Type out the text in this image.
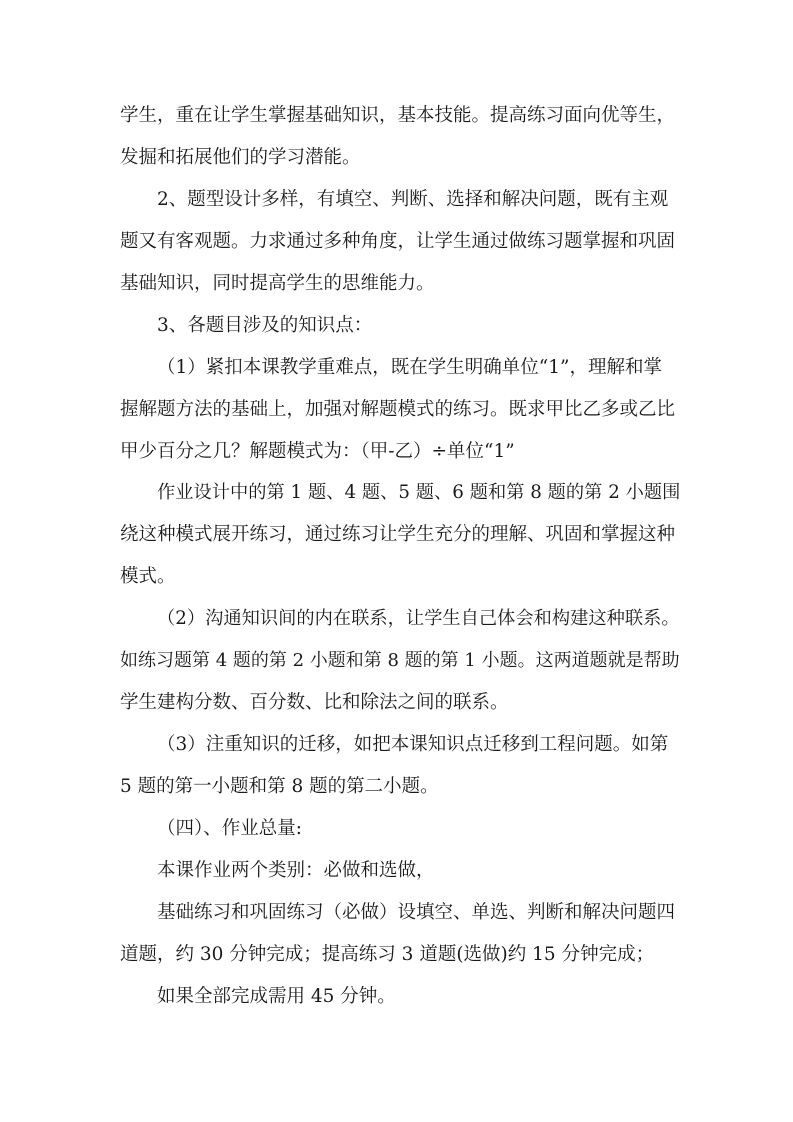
学生，重在让学生掌握基础知识，基本技能。提高练习面向优等生，
发掘和拓展他们的学习潜能。
2、题型设计多样，有填空、判断、选择和解决问题，既有主观
题又有客观题。力求通过多种角度，让学生通过做练习题掌握和巩固
基础知识，同时提高学生的思维能力。
3、各题目涉及的知识点：
（1）紧扣本课教学重难点，既在学生明确单位“1”，理解和掌
握解题方法的基础上，加强对解题模式的练习。既求甲比乙多或乙比
甲少百分之几？解题模式为：（甲-乙）÷单位“1”
作业设计中的第 1 题、4 题、5 题、6 题和第 8 题的第 2 小题围
绕这种模式展开练习，通过练习让学生充分的理解、巩固和掌握这种
模式。
（2）沟通知识间的内在联系，让学生自己体会和构建这种联系。
如练习题第 4 题的第 2 小题和第 8 题的第 1 小题。这两道题就是帮助
学生建构分数、百分数、比和除法之间的联系。
（3）注重知识的迁移，如把本课知识点迁移到工程问题。如第
5 题的第一小题和第 8 题的第二小题。
（四）、作业总量:
本课作业两个类别：必做和选做，
基础练习和巩固练习（必做）设填空、单选、判断和解决问题四
道题，约 30 分钟完成；提高练习 3 道题(选做)约 15 分钟完成；
如果全部完成需用 45 分钟。
